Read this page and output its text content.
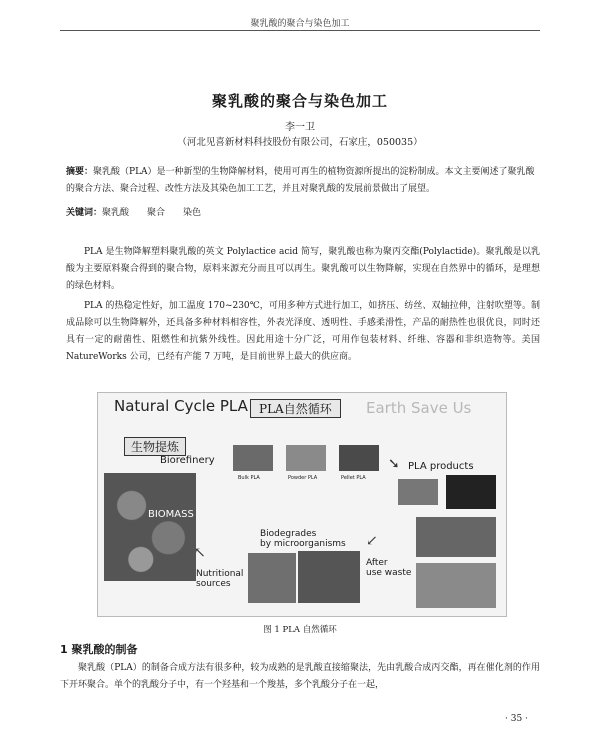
聚乳酸的聚合与染色加工
聚乳酸的聚合与染色加工
李一卫
（河北见喜新材料科技股份有限公司，石家庄，050035）
摘要：聚乳酸（PLA）是一种新型的生物降解材料，使用可再生的植物资源所提出的淀粉制成。本文主要阐述了聚乳酸的聚合方法、聚合过程、改性方法及其染色加工工艺，并且对聚乳酸的发展前景做出了展望。
关键词：聚乳酸 聚合 染色
PLA 是生物降解塑料聚乳酸的英文 Polylactice acid 简写，聚乳酸也称为聚丙交酯(Polylactide)。聚乳酸是以乳酸为主要原料聚合得到的聚合物，原料来源充分而且可以再生。聚乳酸可以生物降解，实现在自然界中的循环，是理想的绿色材料。
PLA 的热稳定性好，加工温度 170~230℃，可用多种方式进行加工，如挤压、纺丝、双轴拉伸，注射吹塑等。制成品除可以生物降解外，还具备多种材料相容性，外表光泽度、透明性、手感柔滑性，产品的耐热性也很优良，同时还具有一定的耐菌性、阻燃性和抗紫外线性。因此用途十分广泛，可用作包装材料、纤维、容器和非织造物等。美国 NatureWorks 公司，已经有产能 7 万吨，是目前世界上最大的供应商。
Natural Cycle PLA PLA自然循环	Earth Save Us
生物提炼
Biorefinery
BIOMASS
Bulk PLA	Powder PLA	Pellet PLA
➘ PLA products
Biodegrades
by microorganisms ↙
After
use waste
↖
Nutritional
sources
图 1 PLA 自然循环
1 聚乳酸的制备
聚乳酸（PLA）的制备合成方法有很多种，较为成熟的是乳酸直接缩聚法，先由乳酸合成丙交酯，再在催化剂的作用下开环聚合。单个的乳酸分子中，有一个羟基和一个羧基，多个乳酸分子在一起，
· 35 ·
